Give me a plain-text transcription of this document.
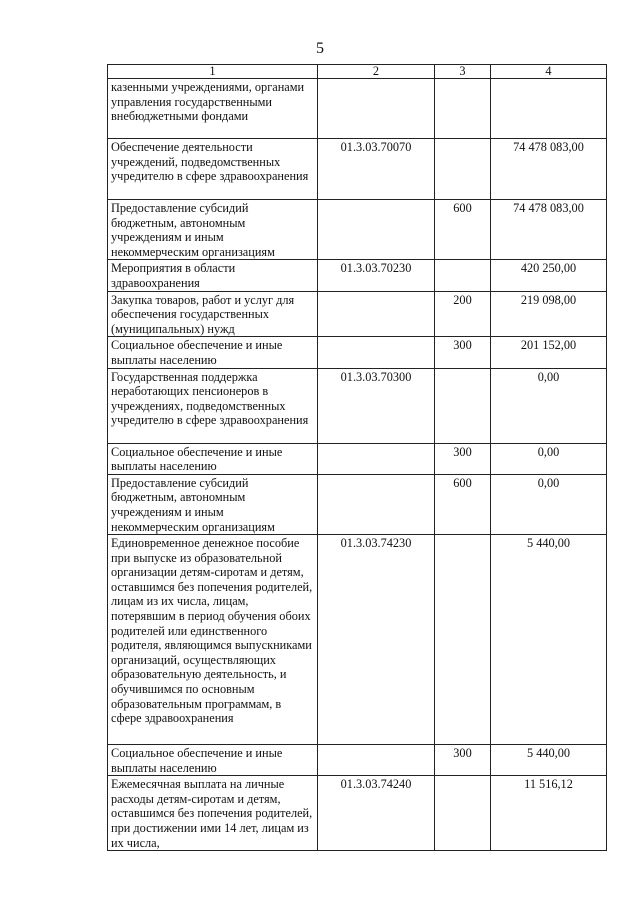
5
1	2	3	4
казенными учреждениями, органами управления государственными внебюджетными фондами			
Обеспечение деятельности учреждений, подведомственных учредителю в сфере здравоохранения	01.3.03.70070		74 478 083,00
Предоставление субсидий бюджетным, автономным учреждениям и иным некоммерческим организациям		600	74 478 083,00
Мероприятия в области здравоохранения	01.3.03.70230		420 250,00
Закупка товаров, работ и услуг для обеспечения государственных (муниципальных) нужд		200	219 098,00
Социальное обеспечение и иные выплаты населению		300	201 152,00
Государственная поддержка неработающих пенсионеров в учреждениях, подведомственных учредителю в сфере здравоохранения	01.3.03.70300		0,00
Социальное обеспечение и иные выплаты населению		300	0,00
Предоставление субсидий бюджетным, автономным учреждениям и иным некоммерческим организациям		600	0,00
Единовременное денежное пособие при выпуске из образовательной организации детям-сиротам и детям, оставшимся без попечения родителей, лицам из их числа, лицам, потерявшим в период обучения обоих родителей или единственного родителя, являющимся выпускниками организаций, осуществляющих образовательную деятельность, и обучившимся по основным образовательным программам, в сфере здравоохранения	01.3.03.74230		5 440,00
Социальное обеспечение и иные выплаты населению		300	5 440,00
Ежемесячная выплата на личные расходы детям-сиротам и детям, оставшимся без попечения родителей, при достижении ими 14 лет, лицам из их числа,	01.3.03.74240		11 516,12
